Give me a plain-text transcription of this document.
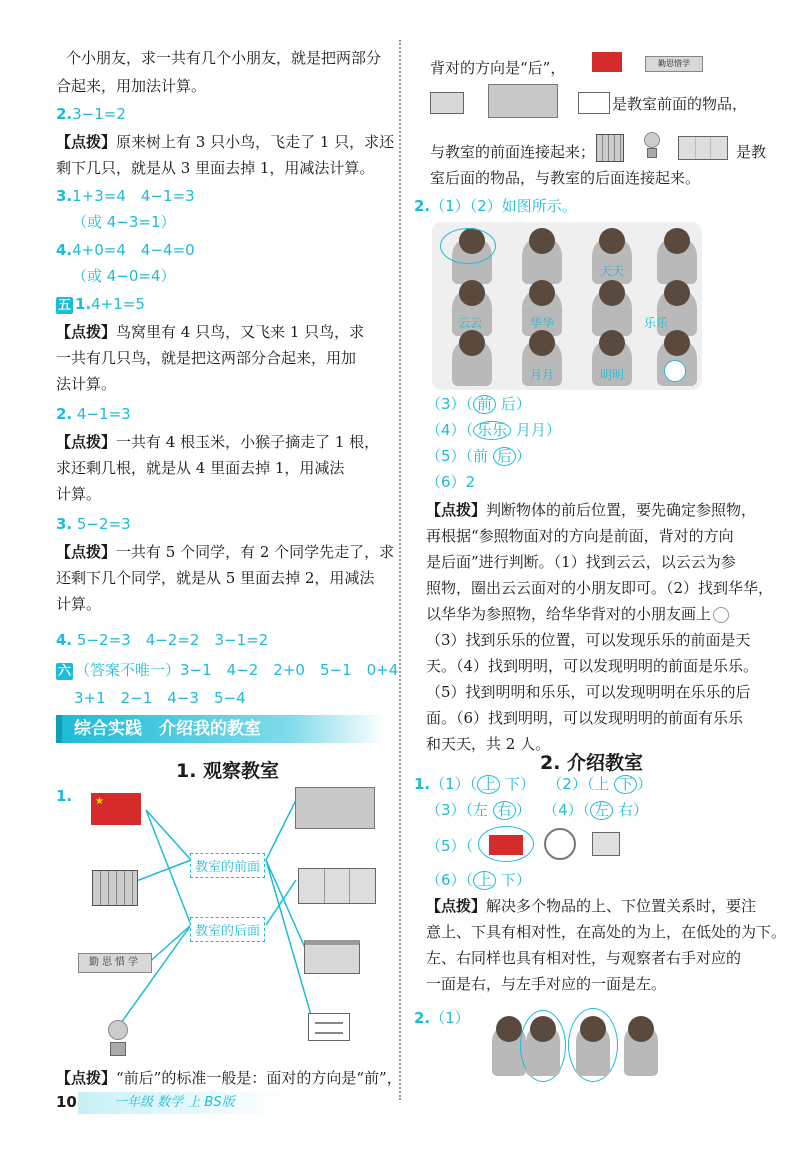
个小朋友，求一共有几个小朋友，就是把两部分
合起来，用加法计算。
2.3−1=2
【点拨】原来树上有 3 只小鸟，飞走了 1 只，求还
剩下几只，就是从 3 里面去掉 1，用减法计算。
3.1+3=4　4−1=3
（或 4−3=1）
4.4+0=4　4−4=0
（或 4−0=4）
五 1.4+1=5
【点拨】鸟窝里有 4 只鸟，又飞来 1 只鸟，求
一共有几只鸟，就是把这两部分合起来，用加
法计算。
2. 4−1=3
【点拨】一共有 4 根玉米，小猴子摘走了 1 根，
求还剩几根，就是从 4 里面去掉 1，用减法
计算。
3. 5−2=3
【点拨】一共有 5 个同学，有 2 个同学先走了，求
还剩下几个同学，就是从 5 里面去掉 2，用减法
计算。
4. 5−2=3　4−2=2　3−1=2
六 （答案不唯一）3−1　4−2　2+0　5−1　0+4
3+1　2−1　4−3　5−4
综合实践　介绍我的教室
1. 观察教室
1. ★
勤思惜学
教室的前面
教室的后面
【点拨】“前后”的标准一般是：面对的方向是“前”，
背对的方向是“后”，	勤思惜学
是教室前面的物品，
与教室的前面连接起来；	是教
室后面的物品，与教室的后面连接起来。
2.（1）（2）如图所示。
天天
云云	华华	乐乐
月月	明明
（3）（ 前 后）
（4）（ 乐乐 月月）
（5）（前 后 ）
（6）2
【点拨】判断物体的前后位置，要先确定参照物，
再根据“参照物面对的方向是前面，背对的方向
是后面”进行判断。（1）找到云云，以云云为参
照物，圈出云云面对的小朋友即可。（2）找到华华，
以华华为参照物，给华华背对的小朋友画上
（3）找到乐乐的位置，可以发现乐乐的前面是天
天。（4）找到明明，可以发现明明的前面是乐乐。
（5）找到明明和乐乐，可以发现明明在乐乐的后
面。（6）找到明明，可以发现明明的前面有乐乐
和天天，共 2 人。
2. 介绍教室
1.（1）（ 上 下） 　 （2）（上 下 ）
（3）（左 右 ） 　 （4）（ 左 右）
（5）（
（6）（ 上 下）
【点拨】解决多个物品的上、下位置关系时，要注
意上、下具有相对性，在高处的为上，在低处的为下。
左、右同样也具有相对性，与观察者右手对应的
一面是右，与左手对应的一面是左。
2.（1）
一年级 数学 上 BS版
10
